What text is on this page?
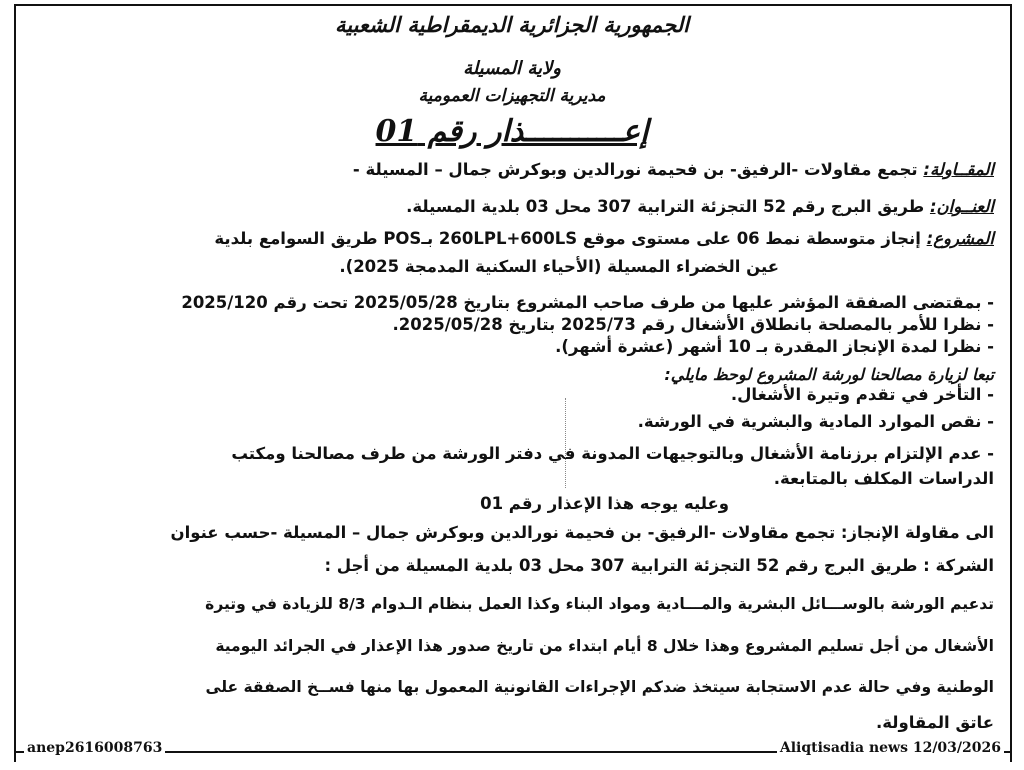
الجمهورية الجزائرية الديمقراطية الشعبية
ولاية المسيلة
مديرية التجهيزات العمومية
إعـــــــــــذار رقم 01
المقــاولة: تجمع مقاولات -الرفيق- بن فحيمة نورالدين وبوكرش جمال – المسيلة -
العنــوان: طريق البرج رقم 52 التجزئة الترابية 307 محل 03 بلدية المسيلة.
المشروع: إنجاز متوسطة نمط 06 على مستوى موقع 260LPL+600LS بـPOS طريق السوامع بلدية
عين الخضراء المسيلة (الأحياء السكنية المدمجة 2025).
- بمقتضى الصفقة المؤشر عليها من طرف صاحب المشروع بتاريخ 2025/05/28 تحت رقم 2025/120
- نظرا للأمر بالمصلحة بانطلاق الأشغال رقم 2025/73 بتاريخ 2025/05/28.
- نظرا لمدة الإنجاز المقدرة بـ 10 أشهر (عشرة أشهر).
تبعا لزيارة مصالحنا لورشة المشروع لوحظ مايلي:
- التأخر في تقدم وتيرة الأشغال.
- نقص الموارد المادية والبشرية في الورشة.
- عدم الإلتزام برزنامة الأشغال وبالتوجيهات المدونة في دفتر الورشة من طرف مصالحنا ومكتب
الدراسات المكلف بالمتابعة.
وعليه يوجه هذا الإعذار رقم 01
الى مقاولة الإنجاز: تجمع مقاولات -الرفيق- بن فحيمة نورالدين وبوكرش جمال – المسيلة -حسب عنوان
الشركة : طريق البرج رقم 52 التجزئة الترابية 307 محل 03 بلدية المسيلة من أجل :
تدعيم الورشة بالوســـائل البشرية والمـــادية ومواد البناء وكذا العمل بنظام الـدوام 8/3 للزيادة في وتيرة
الأشغال من أجل تسليم المشروع وهذا خلال 8 أيام ابتداء من تاريخ صدور هذا الإعذار في الجرائد اليومية
الوطنية وفي حالة عدم الاستجابة سيتخذ ضدكم الإجراءات القانونية المعمول بها منها فســخ الصفقة على
عاتق المقاولة.
anep2616008763	Aliqtisadia news 12/03/2026
